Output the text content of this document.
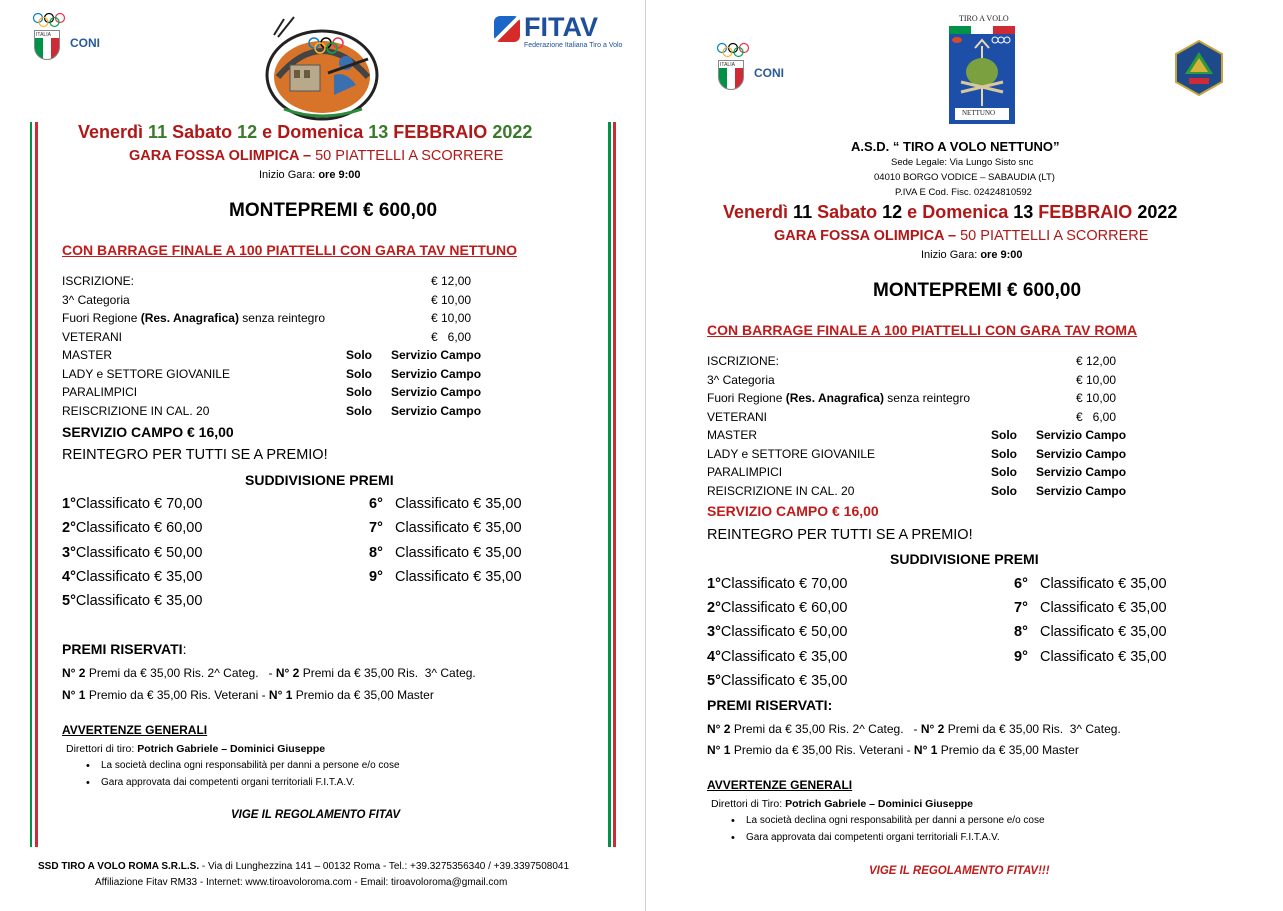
ITALIA
CONI
FITAV
Federazione Italiana Tiro a Volo
Venerdì 11 Sabato 12 e Domenica 13 FEBBRAIO 2022
GARA FOSSA OLIMPICA – 50 PIATTELLI A SCORRERE
Inizio Gara: ore 9:00
MONTEPREMI € 600,00
CON BARRAGE FINALE A 100 PIATTELLI CON GARA TAV NETTUNO
ISCRIZIONE:	€ 12,00
3^ Categoria	€ 10,00
Fuori Regione (Res. Anagrafica) senza reintegro	€ 10,00
VETERANI	€   6,00
MASTER	Solo Servizio Campo
LADY e SETTORE GIOVANILE	Solo Servizio Campo
PARALIMPICI	Solo Servizio Campo
REISCRIZIONE IN CAL. 20	Solo Servizio Campo
SERVIZIO CAMPO € 16,00
REINTEGRO PER TUTTI SE A PREMIO!
SUDDIVISIONE PREMI
1°Classificato € 70,00
2°Classificato € 60,00
3°Classificato € 50,00
4°Classificato € 35,00
5°Classificato € 35,00
6° Classificato € 35,00
7° Classificato € 35,00
8° Classificato € 35,00
9° Classificato € 35,00
PREMI RISERVATI:
N° 2 Premi da € 35,00 Ris. 2^ Categ.   - N° 2 Premi da € 35,00 Ris.  3^ Categ.
N° 1 Premio da € 35,00 Ris. Veterani - N° 1 Premio da € 35,00 Master
AVVERTENZE GENERALI
Direttori di tiro: Potrich Gabriele – Dominici Giuseppe
• La società declina ogni responsabilità per danni a persone e/o cose
• Gara approvata dai competenti organi territoriali F.I.T.A.V.
VIGE IL REGOLAMENTO FITAV
SSD TIRO A VOLO ROMA S.R.L.S. - Via di Lunghezzina 141 – 00132 Roma - Tel.: +39.3275356340 / +39.3397508041
Affiliazione Fitav RM33 - Internet: www.tiroavoloroma.com - Email: tiroavoloroma@gmail.com
ITALIA
CONI
TIRO A VOLO
NETTUNO
A.S.D. “ TIRO A VOLO NETTUNO”
Sede Legale: Via Lungo Sisto snc
04010 BORGO VODICE – SABAUDIA (LT)
P.IVA E Cod. Fisc. 02424810592
Venerdì 11 Sabato 12 e Domenica 13 FEBBRAIO 2022
GARA FOSSA OLIMPICA – 50 PIATTELLI A SCORRERE
Inizio Gara: ore 9:00
MONTEPREMI € 600,00
CON BARRAGE FINALE A 100 PIATTELLI CON GARA TAV ROMA
ISCRIZIONE:	€ 12,00
3^ Categoria	€ 10,00
Fuori Regione (Res. Anagrafica) senza reintegro	€ 10,00
VETERANI	€   6,00
MASTER	Solo Servizio Campo
LADY e SETTORE GIOVANILE	Solo Servizio Campo
PARALIMPICI	Solo Servizio Campo
REISCRIZIONE IN CAL. 20	Solo Servizio Campo
SERVIZIO CAMPO € 16,00
REINTEGRO PER TUTTI SE A PREMIO!
SUDDIVISIONE PREMI
1°Classificato € 70,00
2°Classificato € 60,00
3°Classificato € 50,00
4°Classificato € 35,00
5°Classificato € 35,00
6° Classificato € 35,00
7° Classificato € 35,00
8° Classificato € 35,00
9° Classificato € 35,00
PREMI RISERVATI:
N° 2 Premi da € 35,00 Ris. 2^ Categ.   - N° 2 Premi da € 35,00 Ris.  3^ Categ.
N° 1 Premio da € 35,00 Ris. Veterani - N° 1 Premio da € 35,00 Master
AVVERTENZE GENERALI
Direttori di Tiro: Potrich Gabriele – Dominici Giuseppe
• La società declina ogni responsabilità per danni a persone e/o cose
• Gara approvata dai competenti organi territoriali F.I.T.A.V.
VIGE IL REGOLAMENTO FITAV!!!
